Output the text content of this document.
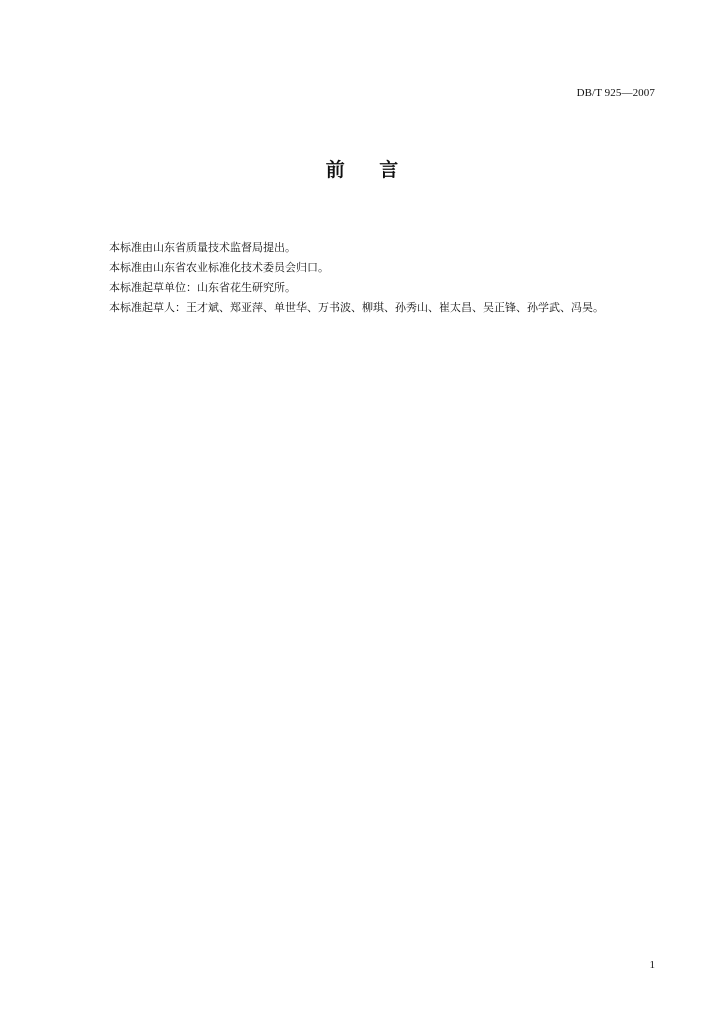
DB/T 925—2007
前 言

本标准由山东省质量技术监督局提出。

本标准由山东省农业标准化技术委员会归口。

本标准起草单位：山东省花生研究所。

本标准起草人：王才斌、郑亚萍、单世华、万书波、柳琪、孙秀山、崔太昌、吴正锋、孙学武、冯昊。

1
